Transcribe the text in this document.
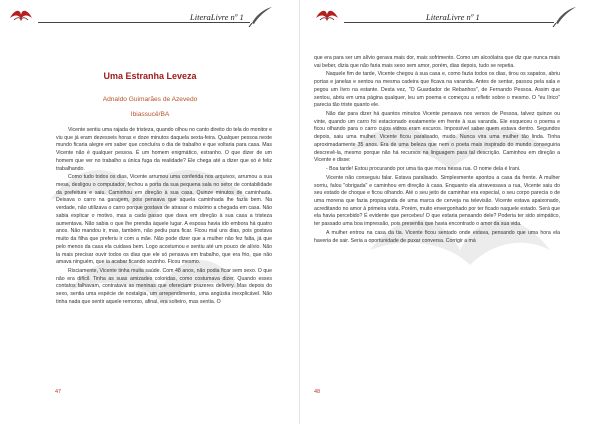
LiteraLivre nº 1
Uma Estranha Leveza
Adnaldo Guimarães de Azevedo
Ibiassucê/BA

Vicente sentiu uma rajada de tristeza, quando olhou no canto direito do tela do monitor e viu que já eram dezesseis horas e doze minutos daquela sexta-feira. Qualquer pessoa neste mundo ficaria alegre em saber que concluíra o dia de trabalho e que voltaria para casa. Mas Vicente não é qualquer pessoa. É um homem enigmático, estranho. O que dizer de um homem que ver no trabalho a única fuga da realidade? Ele chega até a dizer que só é feliz trabalhando.

Como tudo todos os dias, Vicente arrumou uma conferida nos arquivos, arrumou a sua mesa, desligou o computador, fechou a porta da sua pequena sala no setor de contabilidade da prefeitura e saiu. Caminhou em direção à sua casa. Quinze minutos de caminhada. Deixava o carro na garagem, pois pensava que aquela caminhada lhe fazia bem. Na verdade, não utilizava o carro porque gostava de atrasar o máximo a chegada em casa. Não sabia explicar o motivo, mas a cada passo que dava em direção à sua casa a tristeza aumentava. Não sabia o que lhe prendia àquele lugar. A esposa havia ido embora há quatro anos. Não mandou ir, mas, também, não pediu para ficar. Ficou mal uns dias, pois gostava muito da filha que preferiu ir com a mãe. Não pode dizer que a mulher não fez falta, já que pelo menos da casa ela cuidava bem. Logo acostumou e sentiu até um pouco de alívio. Não la mais precisar ouvir todos os dias que ele só pensava em trabalho, que era frio, que não amava ninguém, que ia acabar ficando sozinho. Ficou mesmo.

Risciamente, Vicente tinha muita saúde. Com 48 anos, não podia ficar sem sexo. O que não era difícil. Tinha as suas amizades coloridas, como costumava dizer. Quando esses contatos falhavam, contratava as meninas que ofereciam prazeres delivery. Mas depois do sexo, sentia uma espécie de nostalgia, um arrependimento, uma angústia inexplicável. Não tinha nada que sentir aquele remorso, afinal, era solteiro, mas sentia. O

47
LiteraLivre nº 1

que era para ser um alívio gerava mais dor, mais sofrimento. Como um alcoólatra que diz que nunca mais vai beber, dizia que não faria mais sexo sem amor, porém, dias depois, tudo se repetia.

Naquele fim de tarde, Vicente chegou à sua casa e, como fazia todos os dias, tirou os sapatos, abriu portas e janelas e sentou na mesma cadeira que ficava na varanda. Antes de sentar, passou pela sala e pegou um livro na estante. Desta vez, "O Guardador de Rebanhos", de Fernando Pessoa. Assim que sentou, abriu em uma página qualquer, leu um poema e começou a refletir sobre o mesmo. O "eu lírico" parecia tão triste quanto ele.

Não dar para dizer há quantos minutos Vicente pensava nos versos de Pessoa, talvez quinze ou vinte, quando um carro foi estacionado exatamente em frente à sua varanda. Ele esqueceu o poema e ficou olhando para o carro cujos vidros eram escuros. Impossível saber quem estava dentro. Segundos depois, saiu uma mulher. Vicente ficou paralisado, mudo. Nunca vira uma mulher tão linda. Tinha aproximadamente 35 anos. Era de uma beleza que nem o poeta mais inspirado do mundo conseguiria descrevê-la, mesmo porque não há recursos na linguagem para tal descrição. Caminhou em direção a Vicente e disse:

- Boa tarde! Estou procurando por uma tia que mora nessa rua. O nome dela é Irani.

Vicente não conseguiu falar. Estava paralisado. Simplesmente apontou a casa da frente. A mulher sorriu, falou "obrigada" e caminhou em direção à casa. Enquanto ela atravessava a rua, Vicente saiu do seu estado de choque e ficou olhando. Até o seu jeito de caminhar era especial, o seu corpo parecia o de uma morena que fazia propaganda de uma marca de cerveja na televisão. Vicente estava apaixonado, acreditando no amor à primeira vista. Porém, muito envergonhado por ter ficado naquele estado. Será que ela havia percebido? É evidente que percebeu! O que estaria pensando dele? Poderia ter sido simpático, ter passado uma boa impressão, pois presentia que havia encontrado o amor da sua vida.

A mulher entrou na casa da tia. Vicente ficou sentado onde estava, pensando que uma hora ela haveria de sair. Seria a oportunidade de puxar conversa. Corrigir a má

48
